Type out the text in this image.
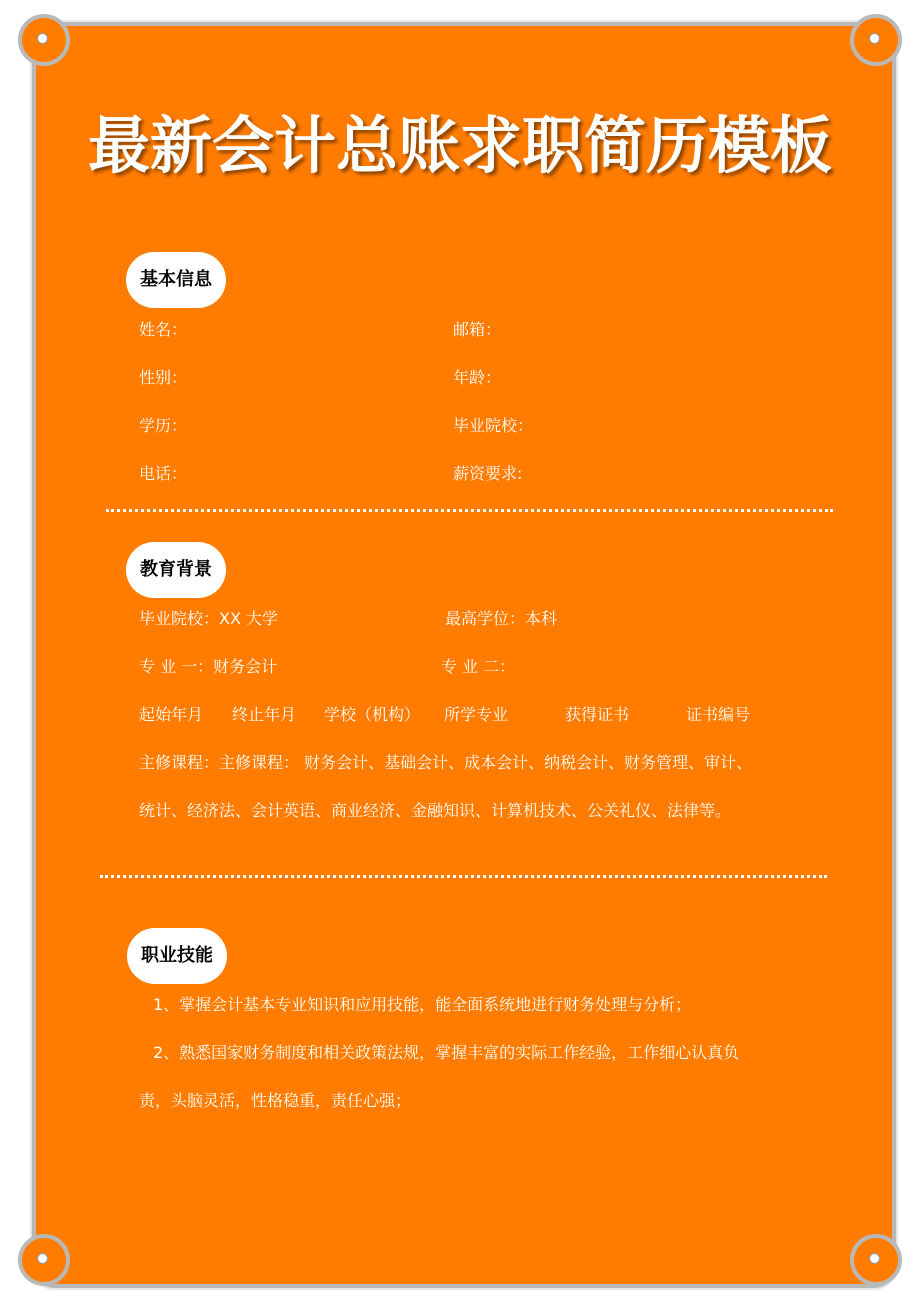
最新会计总账求职简历模板
基本信息
姓名：	邮箱：
性别：	年龄：
学历：	毕业院校：
电话：	薪资要求:
教育背景
毕业院校：XX 大学	最高学位：本科
专 业 一：财务会计	专 业 二：
起始年月 终止年月 学校（机构） 所学专业	获得证书	证书编号
主修课程：主修课程： 财务会计、基础会计、成本会计、纳税会计、财务管理、审计、
统计、经济法、会计英语、商业经济、金融知识、计算机技术、公关礼仪、法律等。
职业技能
1、掌握会计基本专业知识和应用技能，能全面系统地进行财务处理与分析；
2、熟悉国家财务制度和相关政策法规，掌握丰富的实际工作经验，工作细心认真负
责，头脑灵活，性格稳重，责任心强；
